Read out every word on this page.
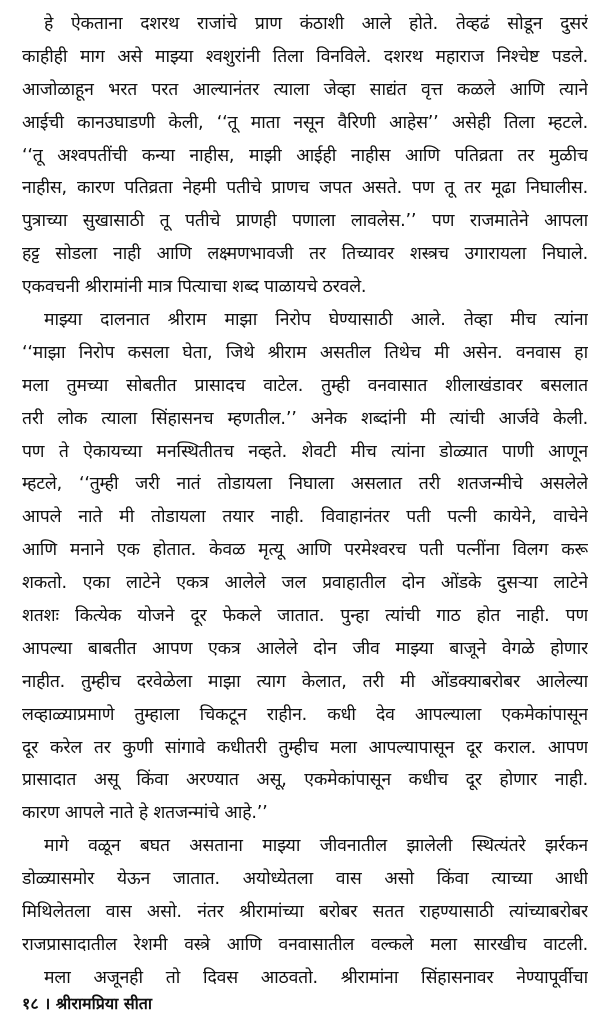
हे ऐकताना दशरथ राजांचे प्राण कंठाशी आले होते. तेव्हढं सोडून दुसरं
काहीही माग असे माझ्या श्वशुरांनी तिला विनविले. दशरथ महाराज निश्चेष्ट पडले.
आजोळाहून भरत परत आल्यानंतर त्याला जेव्हा साद्यंत वृत्त कळले आणि त्याने
आईची कानउघाडणी केली, ‘‘तू माता नसून वैरिणी आहेस’’ असेही तिला म्हटले.
‘‘तू अश्वपतींची कन्या नाहीस, माझी आईही नाहीस आणि पतिव्रता तर मुळीच
नाहीस, कारण पतिव्रता नेहमी पतीचे प्राणच जपत असते. पण तू तर मूढा निघालीस.
पुत्राच्या सुखासाठी तू पतीचे प्राणही पणाला लावलेस.’’ पण राजमातेने आपला
हट्ट सोडला नाही आणि लक्ष्मणभावजी तर तिच्यावर शस्त्रच उगारायला निघाले.
एकवचनी श्रीरामांनी मात्र पित्याचा शब्द पाळायचे ठरवले.
माझ्या दालनात श्रीराम माझा निरोप घेण्यासाठी आले. तेव्हा मीच त्यांना
‘‘माझा निरोप कसला घेता, जिथे श्रीराम असतील तिथेच मी असेन. वनवास हा
मला तुमच्या सोबतीत प्रासादच वाटेल. तुम्ही वनवासात शीलाखंडावर बसलात
तरी लोक त्याला सिंहासनच म्हणतील.’’ अनेक शब्दांनी मी त्यांची आर्जवे केली.
पण ते ऐकायच्या मनस्थितीतच नव्हते. शेवटी मीच त्यांना डोळ्यात पाणी आणून
म्हटले, ‘‘तुम्ही जरी नातं तोडायला निघाला असलात तरी शतजन्मीचे असलेले
आपले नाते मी तोडायला तयार नाही. विवाहानंतर पती पत्नी कायेने, वाचेने
आणि मनाने एक होतात. केवळ मृत्यू आणि परमेश्वरच पती पत्नींना विलग करू
शकतो. एका लाटेने एकत्र आलेले जल प्रवाहातील दोन ओंडके दुसऱ्या लाटेने
शतशः कित्येक योजने दूर फेकले जातात. पुन्हा त्यांची गाठ होत नाही. पण
आपल्या बाबतीत आपण एकत्र आलेले दोन जीव माझ्या बाजूने वेगळे होणार
नाहीत. तुम्हीच दरवेळेला माझा त्याग केलात, तरी मी ओंडक्याबरोबर आलेल्या
लव्हाळ्याप्रमाणे तुम्हाला चिकटून राहीन. कधी देव आपल्याला एकमेकांपासून
दूर करेल तर कुणी सांगावे कधीतरी तुम्हीच मला आपल्यापासून दूर कराल. आपण
प्रासादात असू किंवा अरण्यात असू, एकमेकांपासून कधीच दूर होणार नाही.
कारण आपले नाते हे शतजन्मांचे आहे.’’
मागे वळून बघत असताना माझ्या जीवनातील झालेली स्थित्यंतरे झर्रकन
डोळ्यासमोर येऊन जातात. अयोध्येतला वास असो किंवा त्याच्या आधी
मिथिलेतला वास असो. नंतर श्रीरामांच्या बरोबर सतत राहण्यासाठी त्यांच्याबरोबर
राजप्रासादातील रेशमी वस्त्रे आणि वनवासातील वल्कले मला सारखीच वाटली.
मला अजूनही तो दिवस आठवतो. श्रीरामांना सिंहासनावर नेण्यापूर्वीचा
१८ । श्रीरामप्रिया सीता
